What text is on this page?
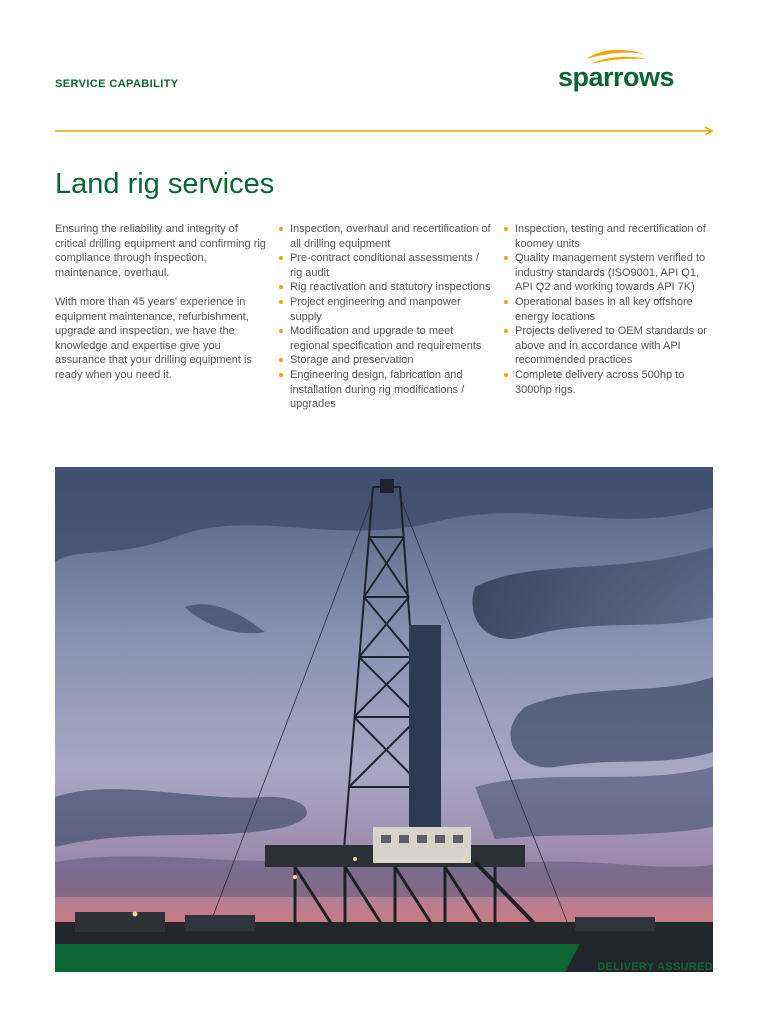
SERVICE CAPABILITY	sparrows
Land rig services

Ensuring the reliability and integrity of critical drilling equipment and confirming rig compliance through inspection, maintenance, overhaul.

With more than 45 years' experience in equipment maintenance, refurbishment, upgrade and inspection, we have the knowledge and expertise give you assurance that your drilling equipment is ready when you need it.

Inspection, overhaul and recertification of all drilling equipment
Pre-contract conditional assessments / rig audit
Rig reactivation and statutory inspections
Project engineering and manpower supply
Modification and upgrade to meet regional specification and requirements
Storage and preservation
Engineering design, fabrication and installation during rig modifications / upgrades
Inspection, testing and recertification of koomey units
Quality management system verified to industry standards (ISO9001, API Q1, API Q2 and working towards API 7K)
Operational bases in all key offshore energy locations
Projects delivered to OEM standards or above and in accordance with API recommended practices
Complete delivery across 500hp to 3000hp rigs.
DELIVERY ASSURED
